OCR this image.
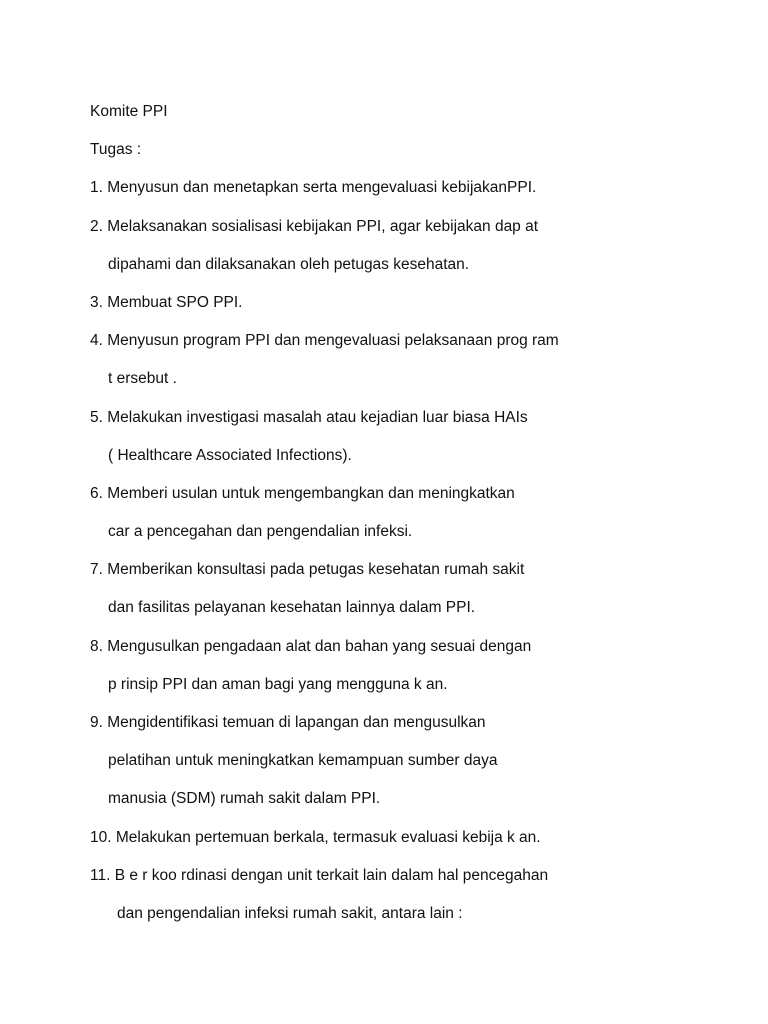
Komite PPI
Tugas :
1. Menyusun dan menetapkan serta mengevaluasi kebijakanPPI.
2. Melaksanakan sosialisasi kebijakan PPI, agar kebijakan dap at
dipahami dan dilaksanakan oleh petugas kesehatan.
3. Membuat SPO PPI.
4. Menyusun program PPI dan mengevaluasi pelaksanaan prog ram
t ersebut .
5. Melakukan investigasi masalah atau kejadian luar biasa HAIs
( Healthcare Associated Infections).
6. Memberi usulan untuk mengembangkan dan meningkatkan
car a pencegahan dan pengendalian infeksi.
7. Memberikan konsultasi pada petugas kesehatan rumah sakit
dan fasilitas pelayanan kesehatan lainnya dalam PPI.
8. Mengusulkan pengadaan alat dan bahan yang sesuai dengan
p rinsip PPI dan aman bagi yang mengguna k an.
9. Mengidentifikasi temuan di lapangan dan mengusulkan
pelatihan untuk meningkatkan kemampuan sumber daya
manusia (SDM) rumah sakit dalam PPI.
10. Melakukan pertemuan berkala, termasuk evaluasi kebija k an.
11. B e r koo rdinasi dengan unit terkait lain dalam hal pencegahan
dan pengendalian infeksi rumah sakit, antara lain :
